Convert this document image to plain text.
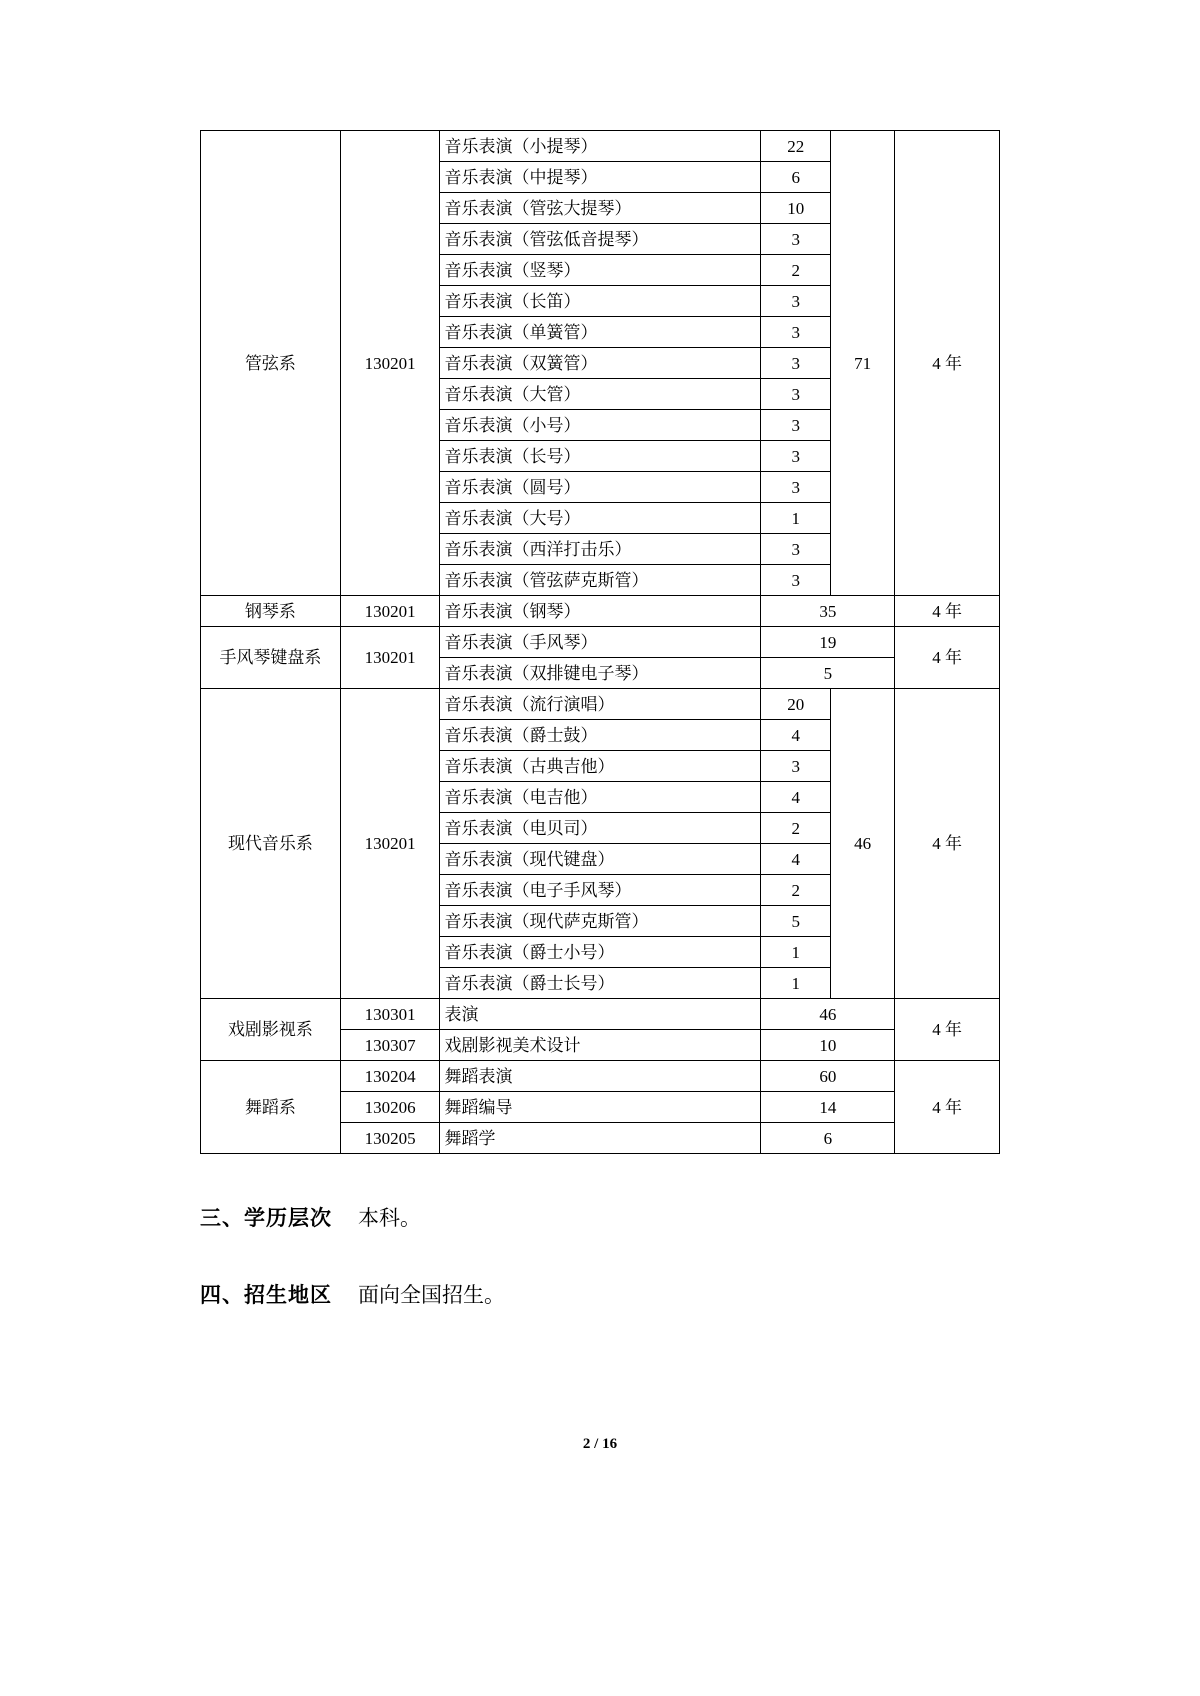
管弦系	130201	音乐表演（小提琴）	22	71	4 年
		音乐表演（中提琴）	6		
		音乐表演（管弦大提琴）	10		
		音乐表演（管弦低音提琴）	3		
		音乐表演（竖琴）	2		
		音乐表演（长笛）	3		
		音乐表演（单簧管）	3		
		音乐表演（双簧管）	3		
		音乐表演（大管）	3		
		音乐表演（小号）	3		
		音乐表演（长号）	3		
		音乐表演（圆号）	3		
		音乐表演（大号）	1		
		音乐表演（西洋打击乐）	3		
		音乐表演（管弦萨克斯管）	3		
钢琴系	130201	音乐表演（钢琴）	35		4 年
手风琴键盘系	130201	音乐表演（手风琴）	19		4 年
		音乐表演（双排键电子琴）	5		
现代音乐系	130201	音乐表演（流行演唱）	20	46	4 年
		音乐表演（爵士鼓）	4		
		音乐表演（古典吉他）	3		
		音乐表演（电吉他）	4		
		音乐表演（电贝司）	2		
		音乐表演（现代键盘）	4		
		音乐表演（电子手风琴）	2		
		音乐表演（现代萨克斯管）	5		
		音乐表演（爵士小号）	1		
		音乐表演（爵士长号）	1		
戏剧影视系	130301	表演	46		4 年
	130307	戏剧影视美术设计	10		
舞蹈系	130204	舞蹈表演	60		4 年
	130206	舞蹈编导	14		
	130205	舞蹈学	6		
三、学历层次 本科。
四、招生地区 面向全国招生。
2 / 16
